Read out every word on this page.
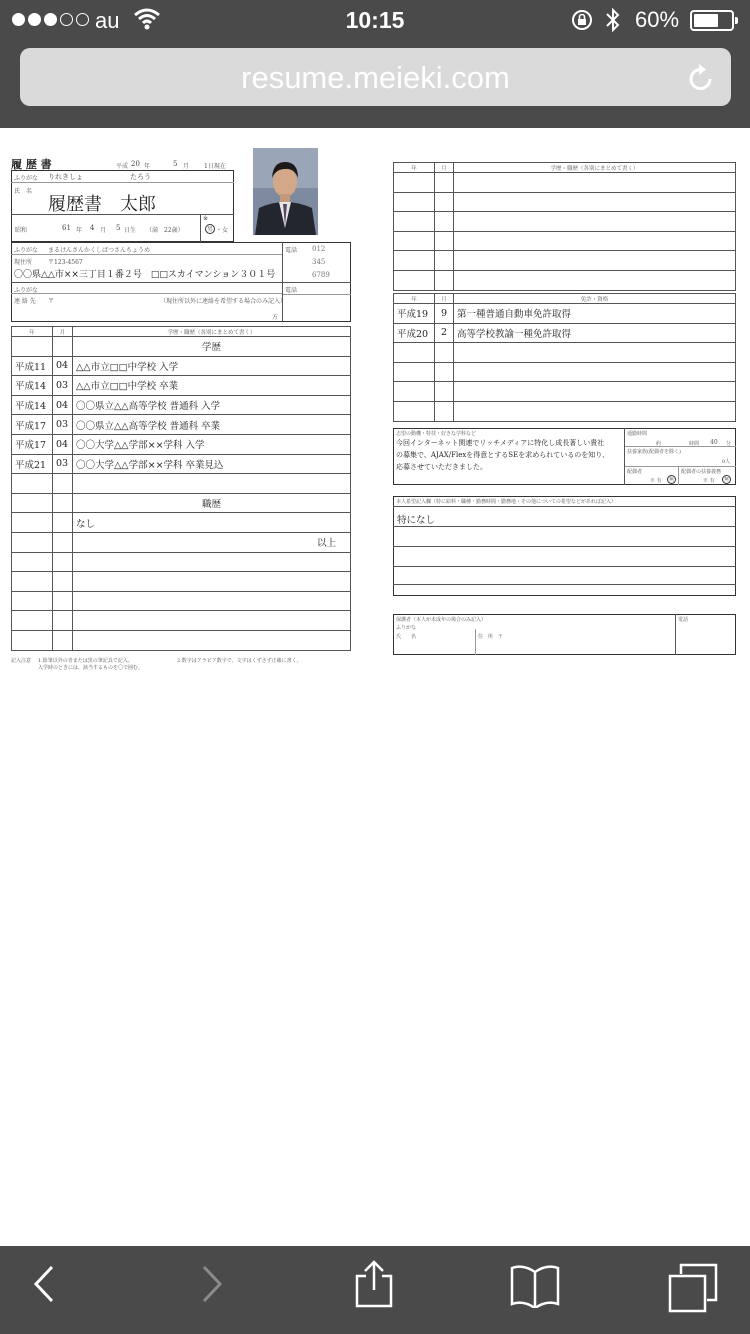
au	10:15	60%
resume.meieki.com
履 歴 書	平成 20 年	5 月 1日現在
ふりがな りれきしょ	たろう
氏　名
履歴書　太郎
昭和	61 年 4 月 5 日生 （満　22歳）
※
男 ・ 女
ふりがな まるけんさんかくしばつさんちょうめ
現住所	〒123-4567
〇〇県△△市××三丁目１番２号　□□スカイマンション３０１号
電話 012
345
6789
ふりがな
連 絡 先 〒	（現住所以外に連絡を希望する場合のみ記入）
方
電話
年	月	学歴・職歴（各別にまとめて書く）
		学歴
平成11	04	△△市立□□中学校 入学
平成14	03	△△市立□□中学校 卒業
平成14	04	〇〇県立△△高等学校 普通科 入学
平成17	03	〇〇県立△△高等学校 普通科 卒業
平成17	04	〇〇大学△△学部××学科 入学
平成21	03	〇〇大学△△学部××学科 卒業見込

		職歴
		なし
		以上

記入注意 1.鉛筆以外の青または黒の筆記具で記入。
入学時のときには、該当するものを〇で囲む。
2.数字はアラビア数字で、文字はくずさず正確に書く。
年	月	学歴・職歴（各別にまとめて書く）

年	月	免許・資格
平成19	9	第一種普通自動車免許取得
平成20	2	高等学校教諭一種免許取得

志望の動機・特技・好きな学科など
今回インターネット関連でリッチメディアに特化し成長著しい貴社
の募集で、AJAX/Flexを得意とするSEを求められているのを知り、
応募させていただきました。
通勤時間
約	時間 40 分
扶養家族(配偶者を除く)
0人
配偶者	配偶者の扶養義務
※ 有	無	※ 有	無
本人希望記入欄（特に給料・職種・勤務時間・勤務地・その他についての希望などがあれば記入）
特になし
保護者（本人が未成年の場合のみ記入）
ふりがな
氏　　名	住　所　〒
電話
